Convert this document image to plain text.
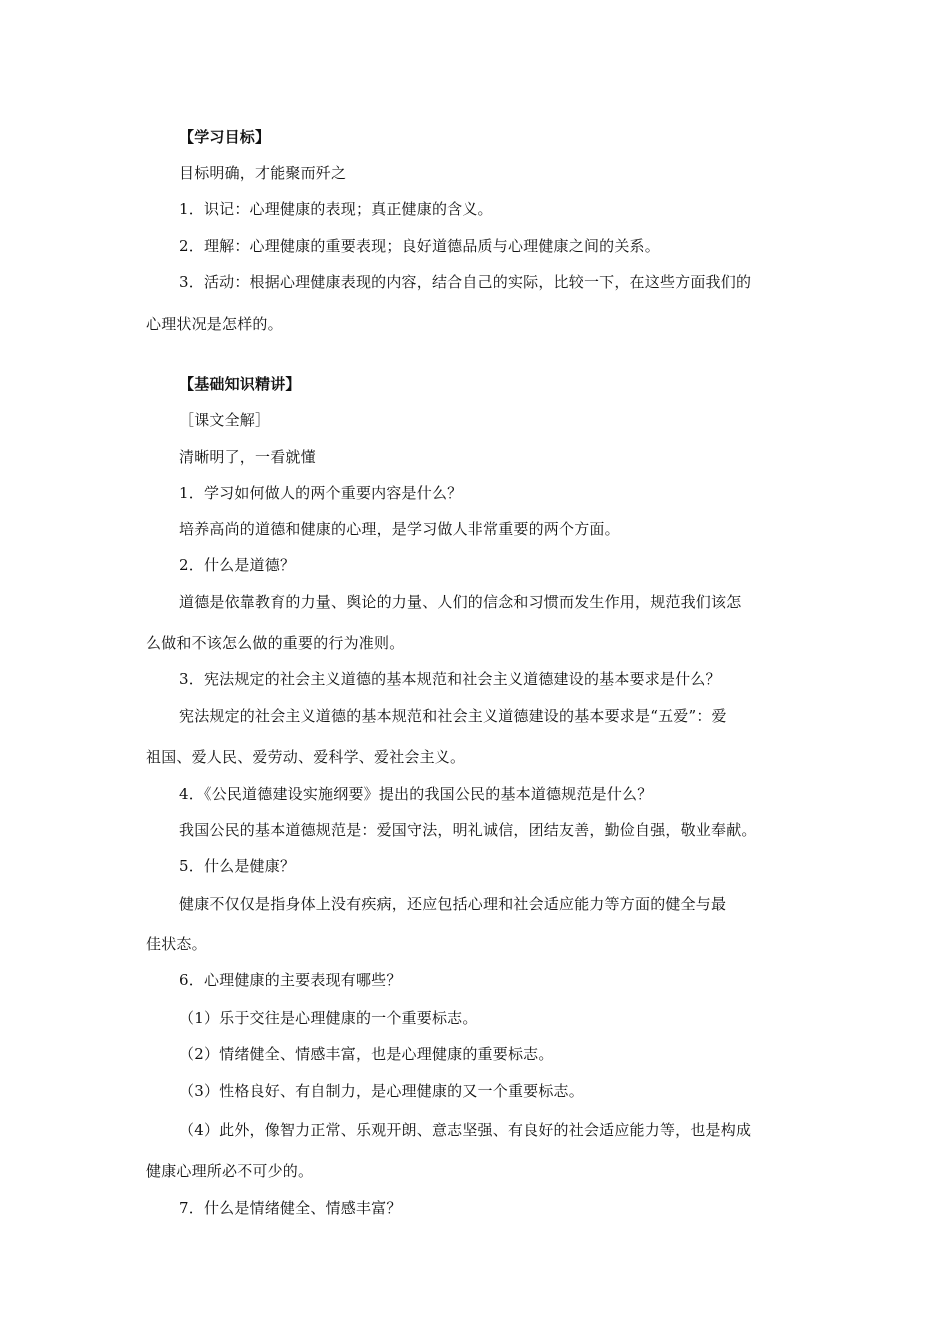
【学习目标】
目标明确，才能聚而歼之
1．识记：心理健康的表现；真正健康的含义。
2．理解：心理健康的重要表现；良好道德品质与心理健康之间的关系。
3．活动：根据心理健康表现的内容，结合自己的实际，比较一下，在这些方面我们的
心理状况是怎样的。
【基础知识精讲】
［课文全解］
清晰明了，一看就懂
1．学习如何做人的两个重要内容是什么？
培养高尚的道德和健康的心理，是学习做人非常重要的两个方面。
2．什么是道德？
道德是依靠教育的力量、舆论的力量、人们的信念和习惯而发生作用，规范我们该怎
么做和不该怎么做的重要的行为准则。
3．宪法规定的社会主义道德的基本规范和社会主义道德建设的基本要求是什么？
宪法规定的社会主义道德的基本规范和社会主义道德建设的基本要求是“五爱”：爱
祖国、爱人民、爱劳动、爱科学、爱社会主义。
4．《公民道德建设实施纲要》提出的我国公民的基本道德规范是什么？
我国公民的基本道德规范是：爱国守法，明礼诚信，团结友善，勤俭自强，敬业奉献。
5．什么是健康？
健康不仅仅是指身体上没有疾病，还应包括心理和社会适应能力等方面的健全与最
佳状态。
6．心理健康的主要表现有哪些？
（1）乐于交往是心理健康的一个重要标志。
（2）情绪健全、情感丰富，也是心理健康的重要标志。
（3）性格良好、有自制力，是心理健康的又一个重要标志。
（4）此外，像智力正常、乐观开朗、意志坚强、有良好的社会适应能力等，也是构成
健康心理所必不可少的。
7．什么是情绪健全、情感丰富？
